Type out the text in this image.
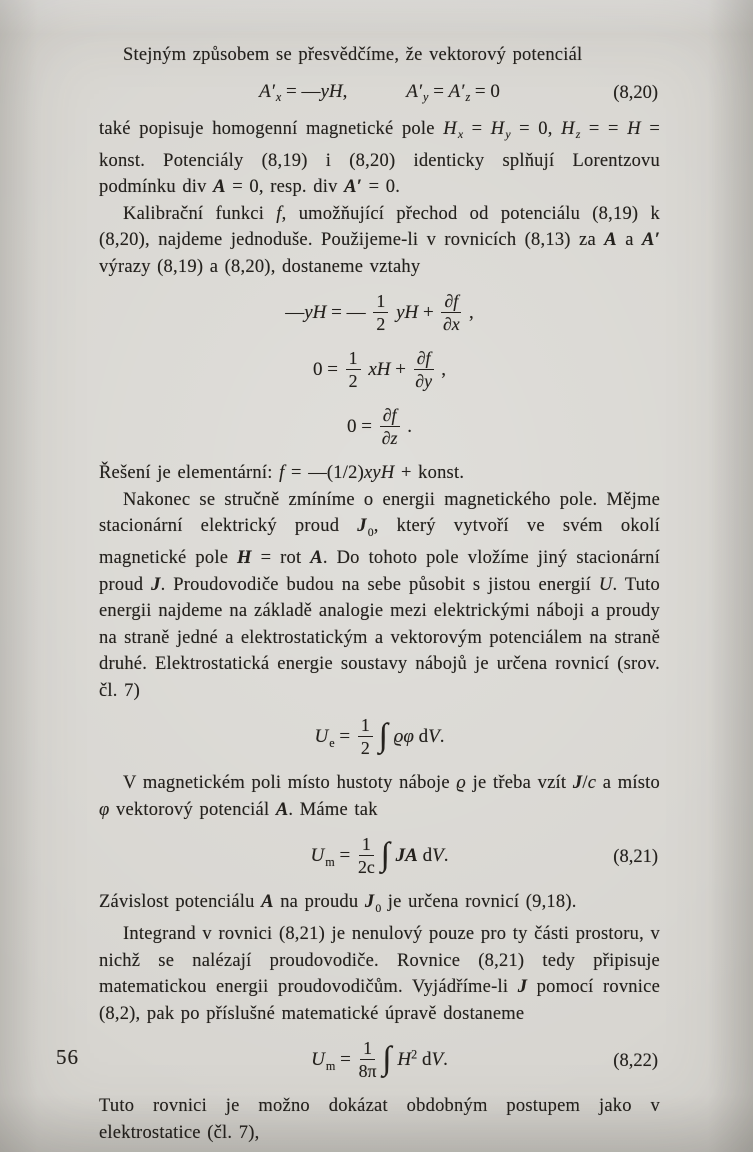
Stejným způsobem se přesvědčíme, že vektorový potenciál

$A'_x$ = —yH,	$A'_y = A'_z = 0$	(8,20)

také popisuje homogenní magnetické pole $H_x = H_y = 0$, $H_z$ = = H = konst. Potenciály (8,19) i (8,20) identicky splňují Lorentzovu podmínku div A = 0, resp. div A′ = 0.

Kalibrační funkci f, umožňující přechod od potenciálu (8,19) k (8,20), najdeme jednoduše. Použijeme-li v rovnicích (8,13) za A a A′ výrazy (8,19) a (8,20), dostaneme vztahy

—yH = — $\frac{1}{2}$ yH + $\frac{\partial f}{\partial x}$ ,
$0 = \frac{1}{2}$ xH + $\frac{\partial f}{\partial y}$ ,
$0 = \frac{\partial f}{\partial z}$ .

Řešení je elementární: f = —(1/2)xyH + konst.

Nakonec se stručně zmíníme o energii magnetického pole. Mějme stacionární elektrický proud $J_0$, který vytvoří ve svém okolí magnetické pole H = rot A. Do tohoto pole vložíme jiný stacionární proud J. Proudovodiče budou na sebe působit s jistou energií U. Tuto energii najdeme na základě analogie mezi elektrickými náboji a proudy na straně jedné a elektrostatickým a vektorovým potenciálem na straně druhé. Elektrostatická energie soustavy nábojů je určena rovnicí (srov. čl. 7)

$U_e = \frac{1}{2}$ ∫ ϱφ dV.

V magnetickém poli místo hustoty náboje ϱ je třeba vzít J/c a místo φ vektorový potenciál A. Máme tak

$U_m = \frac{1}{2c}$ ∫ JA dV.	(8,21)

Závislost potenciálu A na proudu $J_0$ je určena rovnicí (9,18).

Integrand v rovnici (8,21) je nenulový pouze pro ty části prostoru, v nichž se nalézají proudovodiče. Rovnice (8,21) tedy připisuje matematickou energii proudovodičům. Vyjádříme-li J pomocí rovnice (8,2), pak po příslušné matematické úpravě dostaneme

$U_m = \frac{1}{8\pi}$ ∫ $H^2$ dV.	(8,22)

Tuto rovnici je možno dokázat obdobným postupem jako v elektrostatice (čl. 7),

56
